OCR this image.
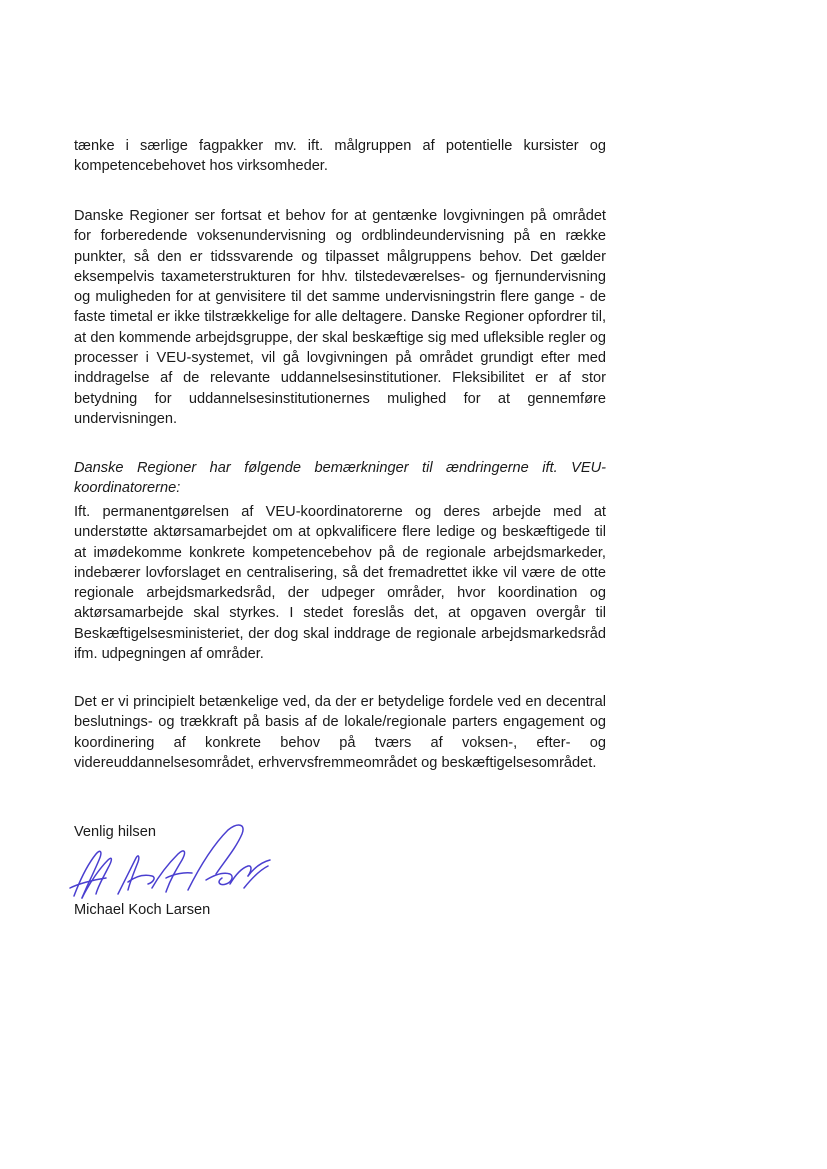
tænke i særlige fagpakker mv. ift. målgruppen af potentielle kursister og kompetencebehovet hos virksomheder.

Danske Regioner ser fortsat et behov for at gentænke lovgivningen på området for forberedende voksenundervisning og ordblindeundervisning på en række punkter, så den er tidssvarende og tilpasset målgruppens behov. Det gælder eksempelvis taxameterstrukturen for hhv. tilstedeværelses- og fjernundervisning og muligheden for at genvisitere til det samme undervisningstrin flere gange - de faste timetal er ikke tilstrækkelige for alle deltagere. Danske Regioner opfordrer til, at den kommende arbejdsgruppe, der skal beskæftige sig med ufleksible regler og processer i VEU-systemet, vil gå lovgivningen på området grundigt efter med inddragelse af de relevante uddannelsesinstitutioner. Fleksibilitet er af stor betydning for uddannelsesinstitutionernes mulighed for at gennemføre undervisningen.

Danske Regioner har følgende bemærkninger til ændringerne ift. VEU-koordinatorerne:

Ift. permanentgørelsen af VEU-koordinatorerne og deres arbejde med at understøtte aktørsamarbejdet om at opkvalificere flere ledige og beskæftigede til at imødekomme konkrete kompetencebehov på de regionale arbejdsmarkeder, indebærer lovforslaget en centralisering, så det fremadrettet ikke vil være de otte regionale arbejdsmarkedsråd, der udpeger områder, hvor koordination og aktørsamarbejde skal styrkes. I stedet foreslås det, at opgaven overgår til Beskæftigelsesministeriet, der dog skal inddrage de regionale arbejdsmarkedsråd ifm. udpegningen af områder.

Det er vi principielt betænkelige ved, da der er betydelige fordele ved en decentral beslutnings- og trækkraft på basis af de lokale/regionale parters engagement og koordinering af konkrete behov på tværs af voksen-, efter- og videreuddannelsesområdet, erhvervsfremmeområdet og beskæftigelsesområdet.

Venlig hilsen

Michael Koch Larsen
